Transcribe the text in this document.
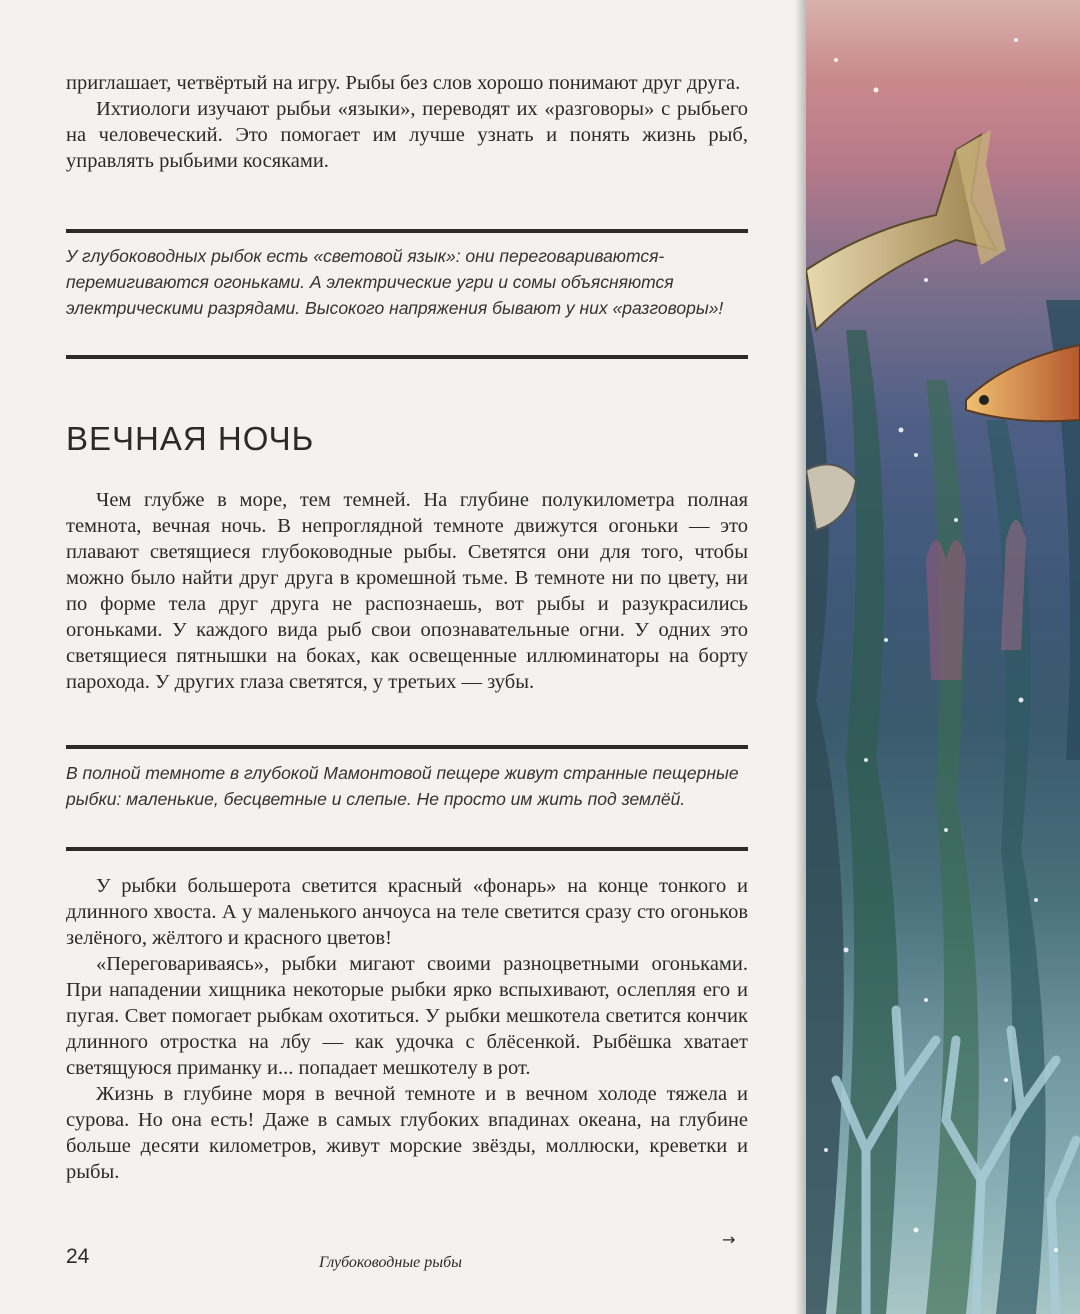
приглашает, четвёртый на игру. Рыбы без слов хорошо понимают друг друга.

Ихтиологи изучают рыбьи «языки», переводят их «разговоры» с рыбьего на человеческий. Это помогает им лучше узнать и понять жизнь рыб, управлять рыбьими косяками.

У глубоководных рыбок есть «световой язык»: они переговариваются-перемигиваются огоньками. А электрические угри и сомы объясняются электрическими разрядами. Высокого напряжения бывают у них «разговоры»!

ВЕЧНАЯ НОЧЬ

Чем глубже в море, тем темней. На глубине полукилометра полная темнота, вечная ночь. В непроглядной темноте движутся огоньки — это плавают светящиеся глубоководные рыбы. Светятся они для того, чтобы можно было найти друг друга в кромешной тьме. В темноте ни по цвету, ни по форме тела друг друга не распознаешь, вот рыбы и разукрасились огоньками. У каждого вида рыб свои опознавательные огни. У одних это светящиеся пятнышки на боках, как освещенные иллюминаторы на борту парохода. У других глаза светятся, у третьих — зубы.

В полной темноте в глубокой Мамонтовой пещере живут странные пещерные рыбки: маленькие, бесцветные и слепые. Не просто им жить под землёй.

У рыбки большерота светится красный «фонарь» на конце тонкого и длинного хвоста. А у маленького анчоуса на теле светится сразу сто огоньков зелёного, жёлтого и красного цветов!

«Переговариваясь», рыбки мигают своими разноцветными огоньками. При нападении хищника некоторые рыбки ярко вспыхивают, ослепляя его и пугая. Свет помогает рыбкам охотиться. У рыбки мешкотела светится кончик длинного отростка на лбу — как удочка с блёсенкой. Рыбёшка хватает светящуюся приманку и... попадает мешкотелу в рот.

Жизнь в глубине моря в вечной темноте и в вечном холоде тяжела и сурова. Но она есть! Даже в самых глубоких впадинах океана, на глубине больше десяти километров, живут морские звёзды, моллюски, креветки и рыбы.

24
→
Глубоководные рыбы
